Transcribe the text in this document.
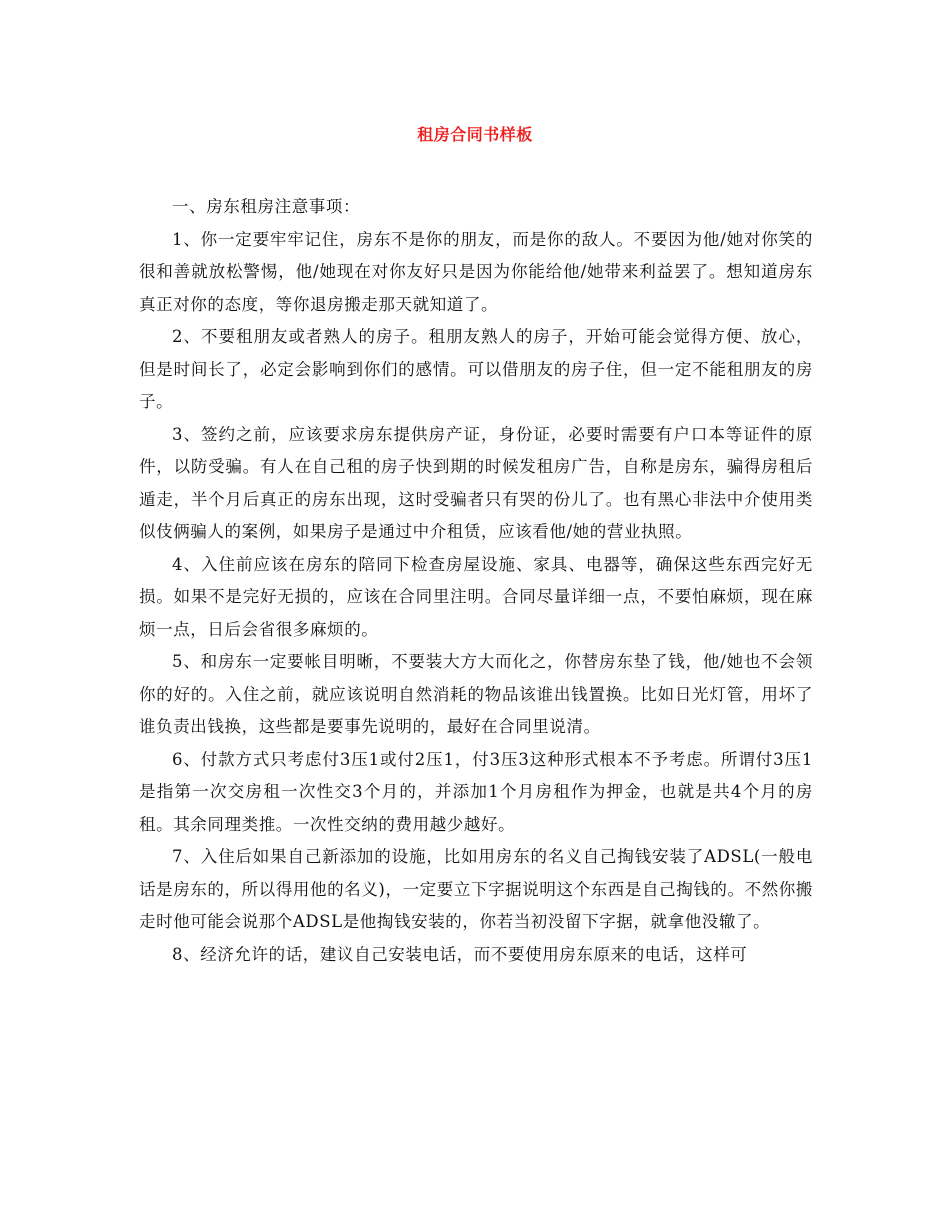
租房合同书样板

一、房东租房注意事项：

1、你一定要牢牢记住，房东不是你的朋友，而是你的敌人。不要因为他/她对你笑的很和善就放松警惕，他/她现在对你友好只是因为你能给他/她带来利益罢了。想知道房东真正对你的态度，等你退房搬走那天就知道了。

2、不要租朋友或者熟人的房子。租朋友熟人的房子，开始可能会觉得方便、放心，但是时间长了，必定会影响到你们的感情。可以借朋友的房子住，但一定不能租朋友的房子。

3、签约之前，应该要求房东提供房产证，身份证，必要时需要有户口本等证件的原件，以防受骗。有人在自己租的房子快到期的时候发租房广告，自称是房东，骗得房租后遁走，半个月后真正的房东出现，这时受骗者只有哭的份儿了。也有黑心非法中介使用类似伎俩骗人的案例，如果房子是通过中介租赁，应该看他/她的营业执照。

4、入住前应该在房东的陪同下检查房屋设施、家具、电器等，确保这些东西完好无损。如果不是完好无损的，应该在合同里注明。合同尽量详细一点，不要怕麻烦，现在麻烦一点，日后会省很多麻烦的。

5、和房东一定要帐目明晰，不要装大方大而化之，你替房东垫了钱，他/她也不会领你的好的。入住之前，就应该说明自然消耗的物品该谁出钱置换。比如日光灯管，用坏了谁负责出钱换，这些都是要事先说明的，最好在合同里说清。

6、付款方式只考虑付3压1或付2压1，付3压3这种形式根本不予考虑。所谓付3压1是指第一次交房租一次性交3个月的，并添加1个月房租作为押金，也就是共4个月的房租。其余同理类推。一次性交纳的费用越少越好。

7、入住后如果自己新添加的设施，比如用房东的名义自己掏钱安装了ADSL(一般电话是房东的，所以得用他的名义)，一定要立下字据说明这个东西是自己掏钱的。不然你搬走时他可能会说那个ADSL是他掏钱安装的，你若当初没留下字据，就拿他没辙了。

8、经济允许的话，建议自己安装电话，而不要使用房东原来的电话，这样可
